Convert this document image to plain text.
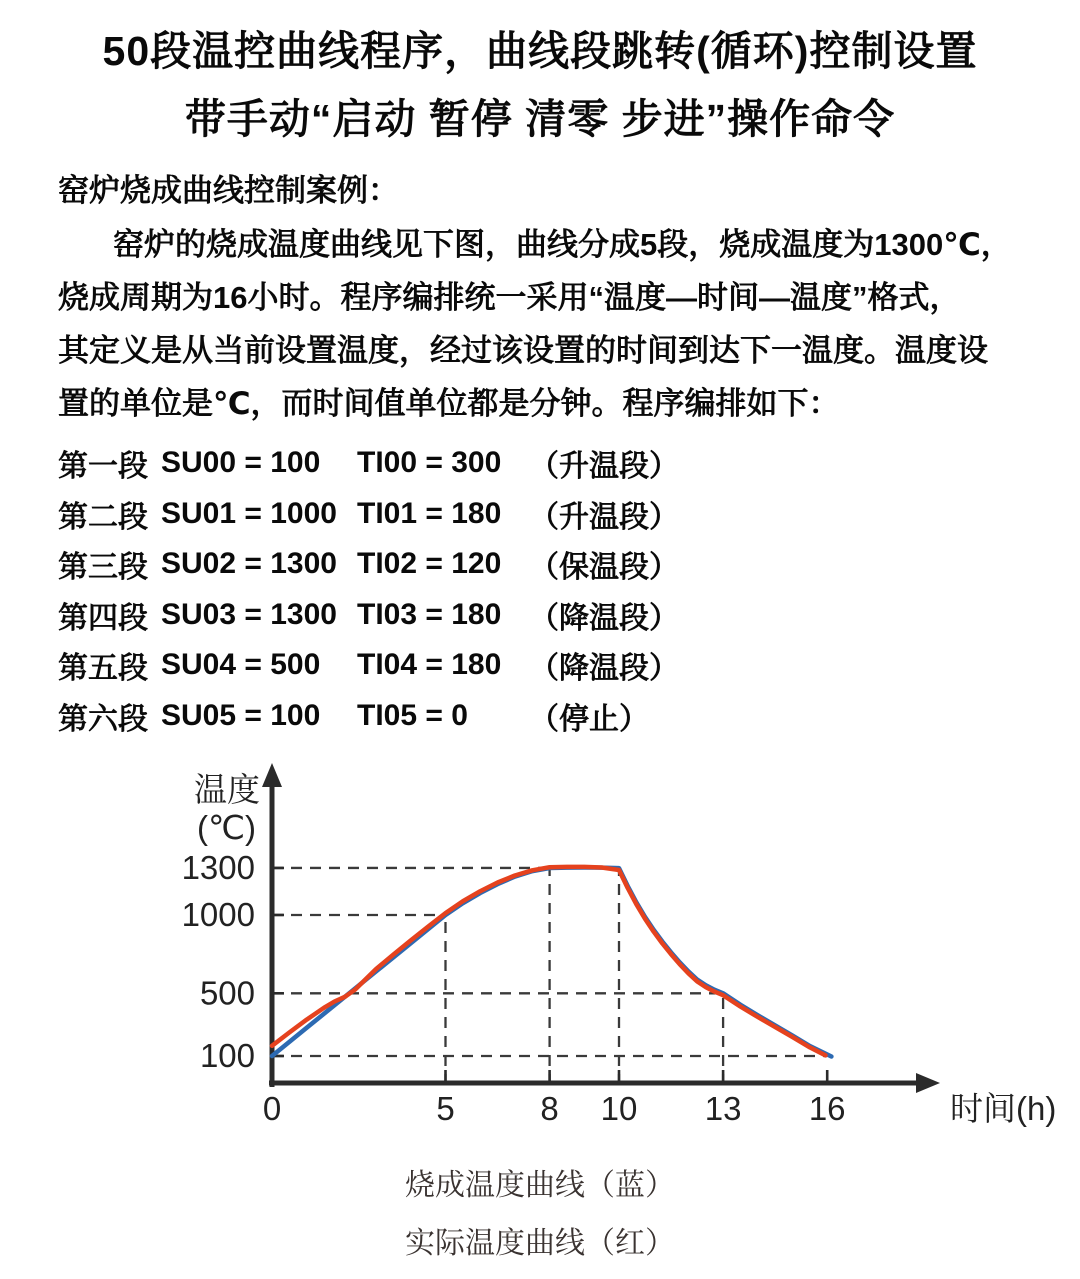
50段温控曲线程序，曲线段跳转(循环)控制设置
带手动“启动 暂停 清零 步进”操作命令
窑炉烧成曲线控制案例：
窑炉的烧成温度曲线见下图，曲线分成5段，烧成温度为1300℃，
烧成周期为16小时。程序编排统一采用“温度—时间—温度”格式，
其定义是从当前设置温度，经过该设置的时间到达下一温度。温度设
置的单位是℃，而时间值单位都是分钟。程序编排如下：
第一段 SU00 = 100	TI00 = 300 （升温段）
第二段 SU01 = 1000 TI01 = 180 （升温段）
第三段 SU02 = 1300 TI02 = 120 （保温段）
第四段 SU03 = 1300 TI03 = 180 （降温段）
第五段 SU04 = 500	TI04 = 180 （降温段）
第六段 SU05 = 100	TI05 = 0	（停止）
0	5	8 10 13 16
100
500
1000
1300
温度
(℃)
时间(h)
烧成温度曲线（蓝）
实际温度曲线（红）
